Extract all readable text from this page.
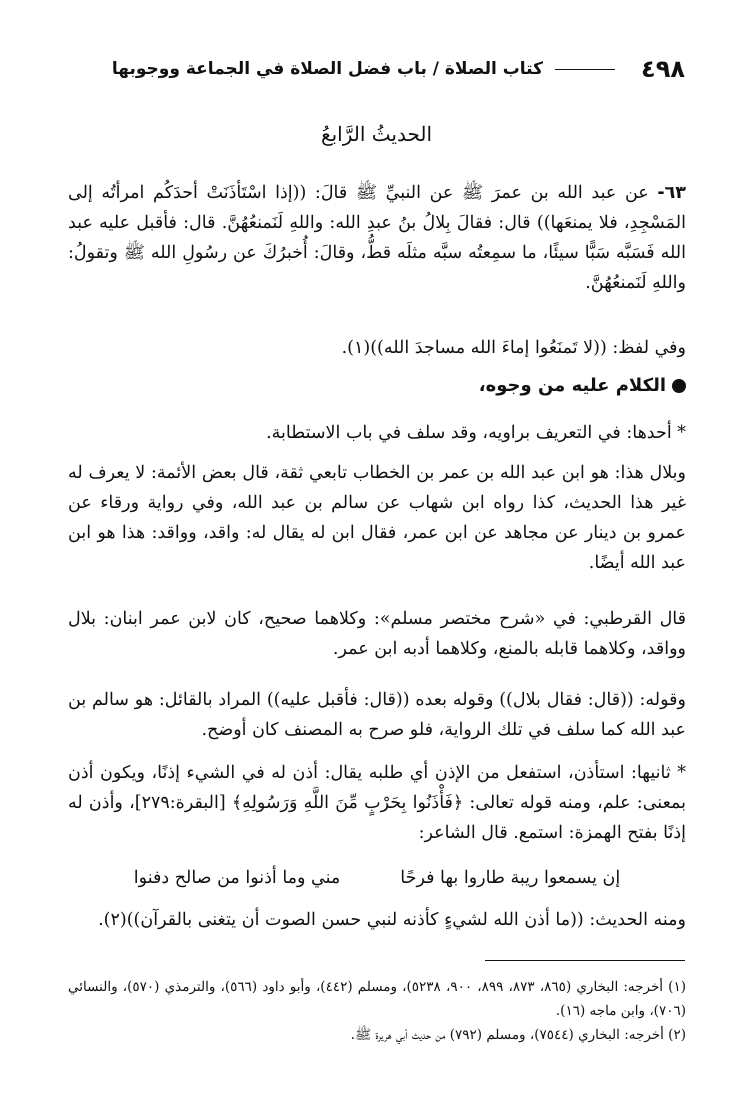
٤٩٨
كتاب الصلاة / باب فضل الصلاة في الجماعة ووجوبها
الحديثُ الرَّابعُ
٦٣- عن عبد الله بن عمرَ ﷺ عن النبيِّ ﷺ قالَ: ((إذا اسْتَأذَنَتْ أحدَكُم امرأتُه إلى المَسْجِدِ، فلا يمنعَها)) قال: فقالَ بِلالُ بنُ عبدِ الله: واللهِ لَنَمنعُهُنَّ. قال: فأقبل عليه عبد الله فَسَبَّه سَبًّا سيئًا، ما سمِعتُه سبَّه مثلَه قطُّ، وقالَ: أُخبرُكَ عن رسُولِ الله ﷺ وتقولُ: واللهِ لَنَمنعُهُنَّ.
وفي لفظ: ((لا تَمنَعُوا إماءَ الله مساجدَ الله))(١).
الكلام عليه من وجوه،
* أحدها: في التعريف براويه، وقد سلف في باب الاستطابة.
وبلال هذا: هو ابن عبد الله بن عمر بن الخطاب تابعي ثقة، قال بعض الأئمة: لا يعرف له غير هذا الحديث، كذا رواه ابن شهاب عن سالم بن عبد الله، وفي رواية ورقاء عن عمرو بن دينار عن مجاهد عن ابن عمر، فقال ابن له يقال له: واقد، وواقد: هذا هو ابن عبد الله أيضًا.
قال القرطبي: في «شرح مختصر مسلم»: وكلاهما صحيح، كان لابن عمر ابنان: بلال وواقد، وكلاهما قابله بالمنع، وكلاهما أدبه ابن عمر.
وقوله: ((قال: فقال بلال)) وقوله بعده ((قال: فأقبل عليه)) المراد بالقائل: هو سالم بن عبد الله كما سلف في تلك الرواية، فلو صرح به المصنف كان أوضح.
* ثانيها: استأذن، استفعل من الإذن أي طلبه يقال: أذن له في الشيء إذنًا، ويكون أذن بمعنى: علم، ومنه قوله تعالى: ﴿فَأْذَنُوا بِحَرْبٍ مِّنَ اللَّهِ وَرَسُولِهِ﴾ [البقرة:٢٧٩]، وأذن له إذنًا بفتح الهمزة: استمع. قال الشاعر:
إن يسمعوا ريبة طاروا بها فرحًا
مني وما أذنوا من صالح دفنوا
ومنه الحديث: ((ما أذن الله لشيءٍ كأذنه لنبي حسن الصوت أن يتغنى بالقرآن))(٢).
(١) أخرجه: البخاري (٨٦٥، ٨٧٣، ٨٩٩، ٩٠٠، ٥٢٣٨)، ومسلم (٤٤٢)، وأبو داود (٥٦٦)، والترمذي (٥٧٠)، والنسائي (٧٠٦)، وابن ماجه (١٦).
(٢) أخرجه: البخاري (٧٥٤٤)، ومسلم (٧٩٢) من حديث أبي هريرة ﷺ.
